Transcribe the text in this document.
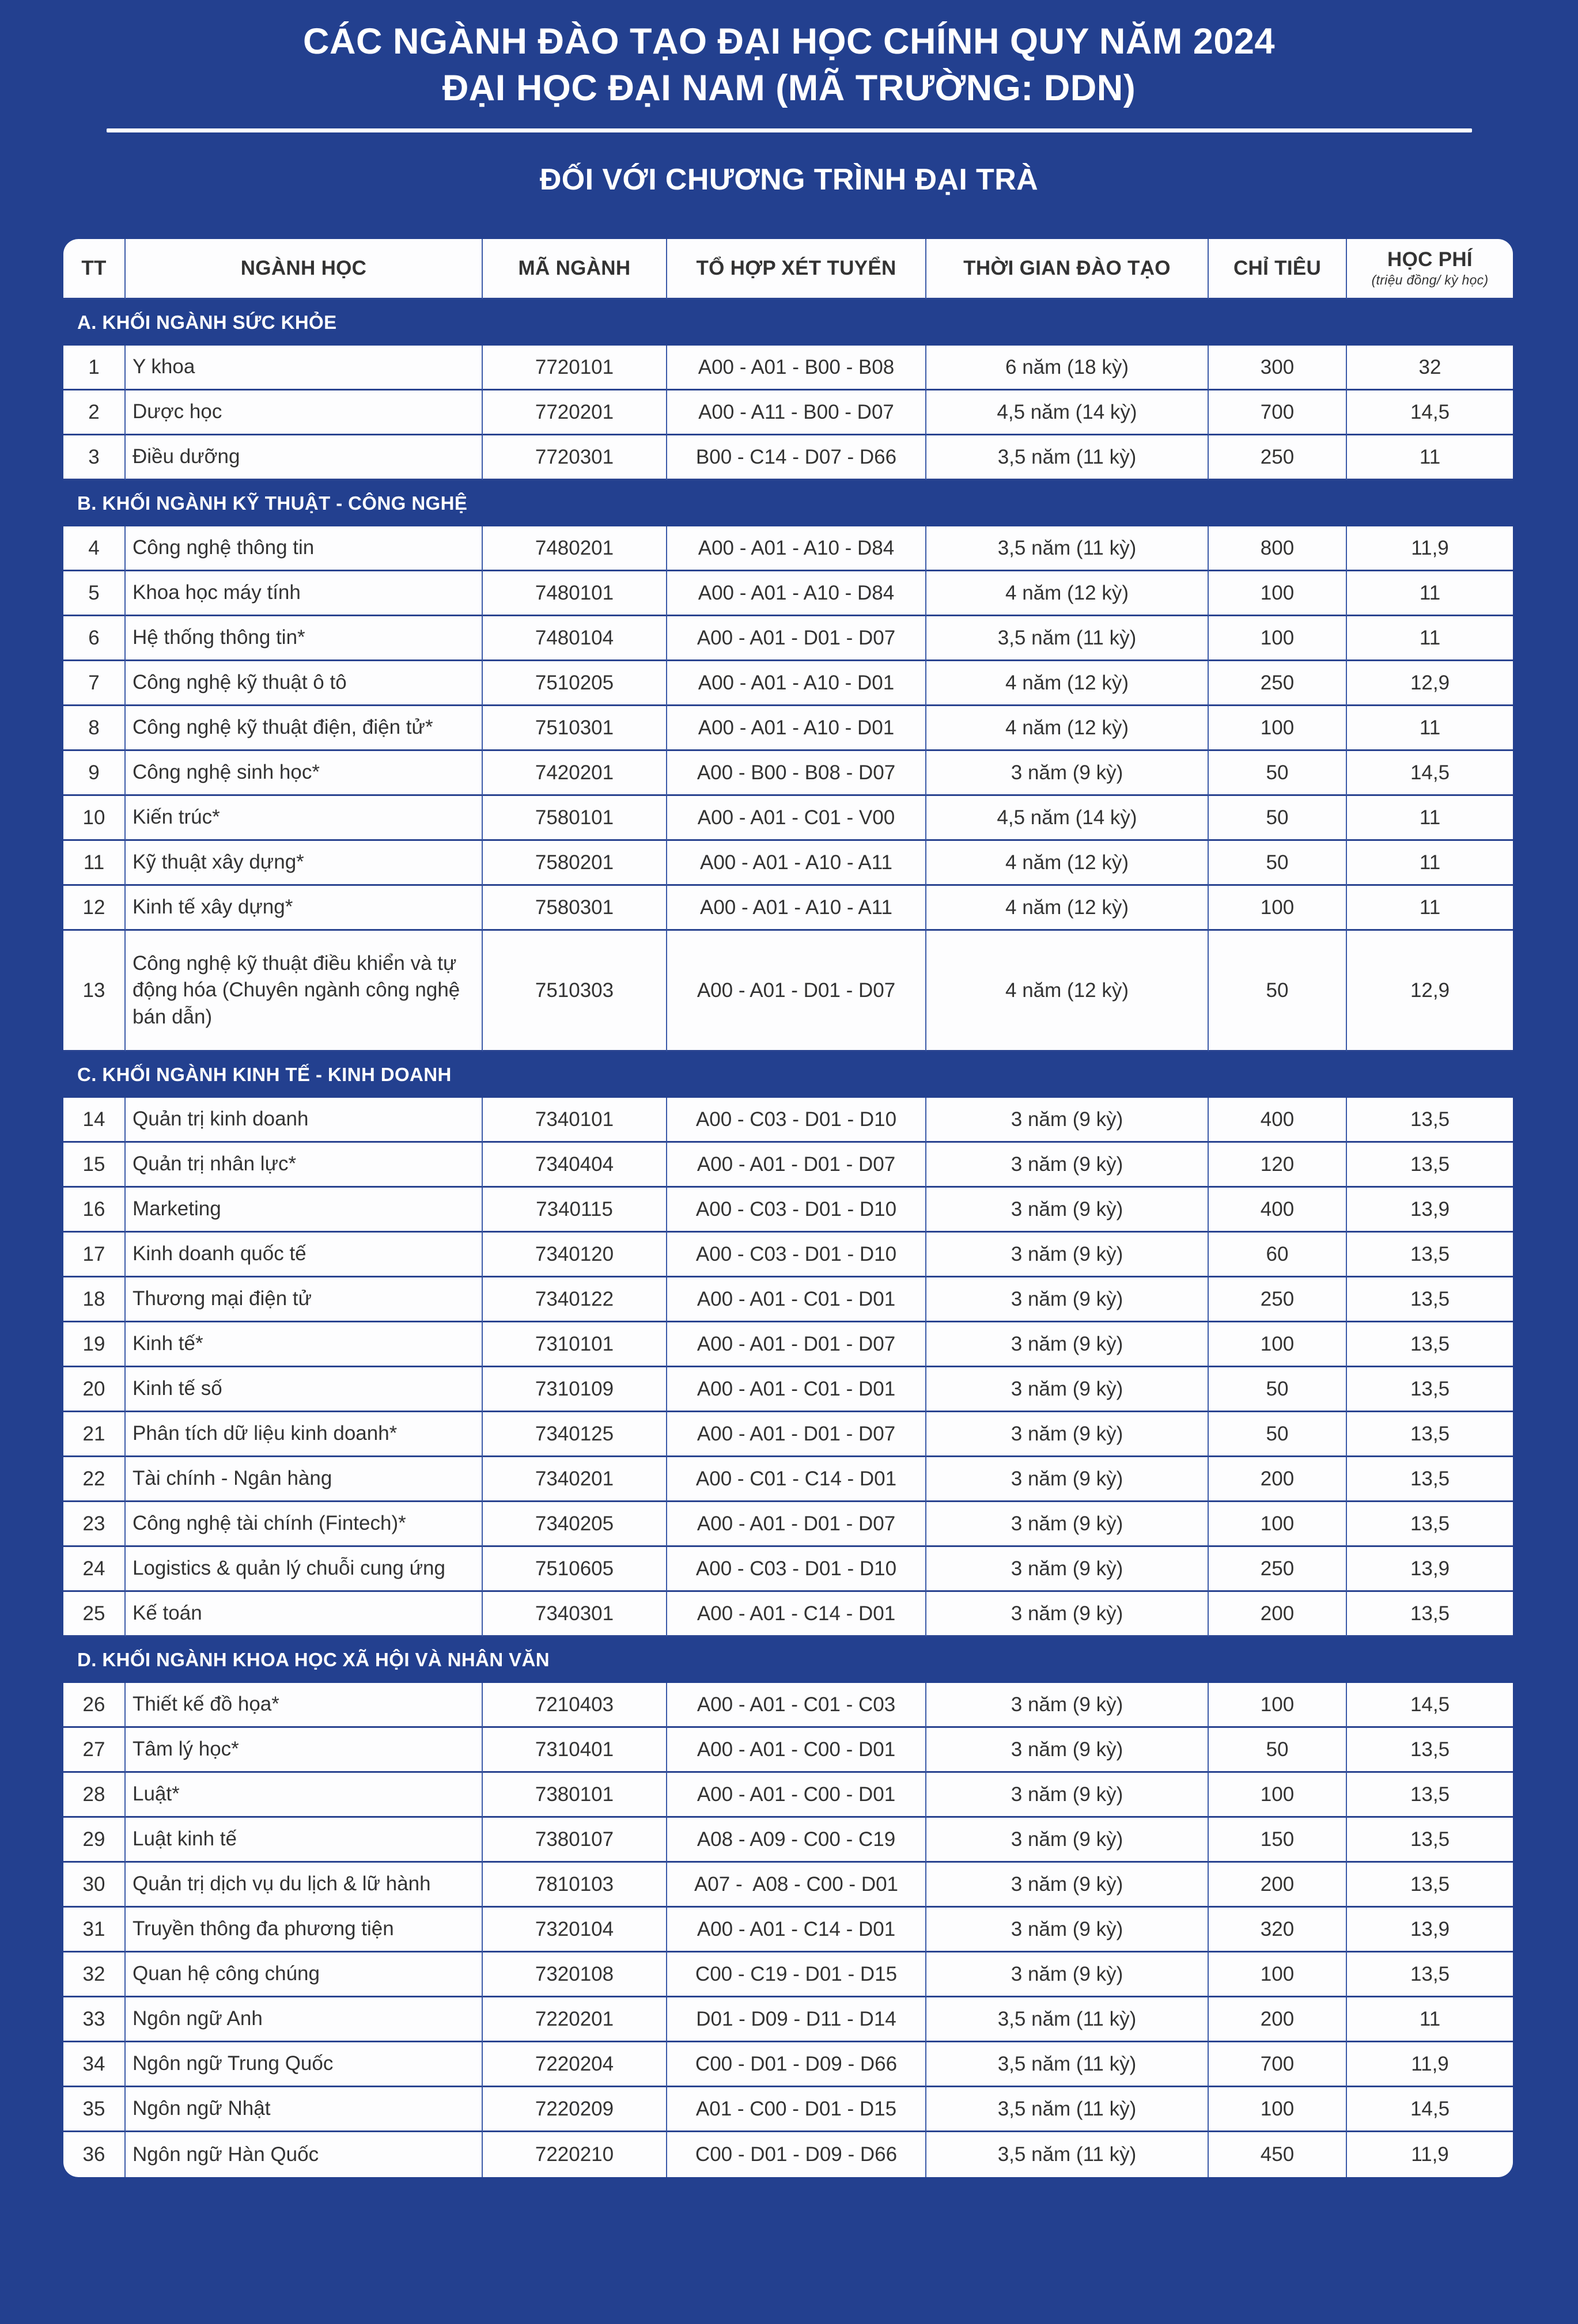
CÁC NGÀNH ĐÀO TẠO ĐẠI HỌC CHÍNH QUY NĂM 2024
ĐẠI HỌC ĐẠI NAM (MÃ TRƯỜNG: DDN)
ĐỐI VỚI CHƯƠNG TRÌNH ĐẠI TRÀ
TT	NGÀNH HỌC	MÃ NGÀNH	TỔ HỢP XÉT TUYỂN	THỜI GIAN ĐÀO TẠO	CHỈ TIÊU	HỌC PHÍ
(triệu đồng/ kỳ học)

A. KHỐI NGÀNH SỨC KHỎE						
1	Y khoa	7720101	A00 - A01 - B00 - B08	6 năm (18 kỳ)	300	32
2	Dược học	7720201	A00 - A11 - B00 - D07	4,5 năm (14 kỳ)	700	14,5
3	Điều dưỡng	7720301	B00 - C14 - D07 - D66	3,5 năm (11 kỳ)	250	11
B. KHỐI NGÀNH KỸ THUẬT - CÔNG NGHỆ						
4	Công nghệ thông tin	7480201	A00 - A01 - A10 - D84	3,5 năm (11 kỳ)	800	11,9
5	Khoa học máy tính	7480101	A00 - A01 - A10 - D84	4 năm (12 kỳ)	100	11
6	Hệ thống thông tin*	7480104	A00 - A01 - D01 - D07	3,5 năm (11 kỳ)	100	11
7	Công nghệ kỹ thuật ô tô	7510205	A00 - A01 - A10 - D01	4 năm (12 kỳ)	250	12,9
8	Công nghệ kỹ thuật điện, điện tử*	7510301	A00 - A01 - A10 - D01	4 năm (12 kỳ)	100	11
9	Công nghệ sinh học*	7420201	A00 - B00 - B08 - D07	3 năm (9 kỳ)	50	14,5
10	Kiến trúc*	7580101	A00 - A01 - C01 - V00	4,5 năm (14 kỳ)	50	11
11	Kỹ thuật xây dựng*	7580201	A00 - A01 - A10 - A11	4 năm (12 kỳ)	50	11
12	Kinh tế xây dựng*	7580301	A00 - A01 - A10 - A11	4 năm (12 kỳ)	100	11
13	Công nghệ kỹ thuật điều khiển và tự động hóa (Chuyên ngành công nghệ bán dẫn)	7510303	A00 - A01 - D01 - D07	4 năm (12 kỳ)	50	12,9
C. KHỐI NGÀNH KINH TẾ - KINH DOANH						
14	Quản trị kinh doanh	7340101	A00 - C03 - D01 - D10	3 năm (9 kỳ)	400	13,5
15	Quản trị nhân lực*	7340404	A00 - A01 - D01 - D07	3 năm (9 kỳ)	120	13,5
16	Marketing	7340115	A00 - C03 - D01 - D10	3 năm (9 kỳ)	400	13,9
17	Kinh doanh quốc tế	7340120	A00 - C03 - D01 - D10	3 năm (9 kỳ)	60	13,5
18	Thương mại điện tử	7340122	A00 - A01 - C01 - D01	3 năm (9 kỳ)	250	13,5
19	Kinh tế*	7310101	A00 - A01 - D01 - D07	3 năm (9 kỳ)	100	13,5
20	Kinh tế số	7310109	A00 - A01 - C01 - D01	3 năm (9 kỳ)	50	13,5
21	Phân tích dữ liệu kinh doanh*	7340125	A00 - A01 - D01 - D07	3 năm (9 kỳ)	50	13,5
22	Tài chính - Ngân hàng	7340201	A00 - C01 - C14 - D01	3 năm (9 kỳ)	200	13,5
23	Công nghệ tài chính (Fintech)*	7340205	A00 - A01 - D01 - D07	3 năm (9 kỳ)	100	13,5
24	Logistics & quản lý chuỗi cung ứng	7510605	A00 - C03 - D01 - D10	3 năm (9 kỳ)	250	13,9
25	Kế toán	7340301	A00 - A01 - C14 - D01	3 năm (9 kỳ)	200	13,5
D. KHỐI NGÀNH KHOA HỌC XÃ HỘI VÀ NHÂN VĂN						
26	Thiết kế đồ họa*	7210403	A00 - A01 - C01 - C03	3 năm (9 kỳ)	100	14,5
27	Tâm lý học*	7310401	A00 - A01 - C00 - D01	3 năm (9 kỳ)	50	13,5
28	Luật*	7380101	A00 - A01 - C00 - D01	3 năm (9 kỳ)	100	13,5
29	Luật kinh tế	7380107	A08 - A09 - C00 - C19	3 năm (9 kỳ)	150	13,5
30	Quản trị dịch vụ du lịch & lữ hành	7810103	A07 -  A08 - C00 - D01	3 năm (9 kỳ)	200	13,5
31	Truyền thông đa phương tiện	7320104	A00 - A01 - C14 - D01	3 năm (9 kỳ)	320	13,9
32	Quan hệ công chúng	7320108	C00 - C19 - D01 - D15	3 năm (9 kỳ)	100	13,5
33	Ngôn ngữ Anh	7220201	D01 - D09 - D11 - D14	3,5 năm (11 kỳ)	200	11
34	Ngôn ngữ Trung Quốc	7220204	C00 - D01 - D09 - D66	3,5 năm (11 kỳ)	700	11,9
35	Ngôn ngữ Nhật	7220209	A01 - C00 - D01 - D15	3,5 năm (11 kỳ)	100	14,5
36	Ngôn ngữ Hàn Quốc	7220210	C00 - D01 - D09 - D66	3,5 năm (11 kỳ)	450	11,9
